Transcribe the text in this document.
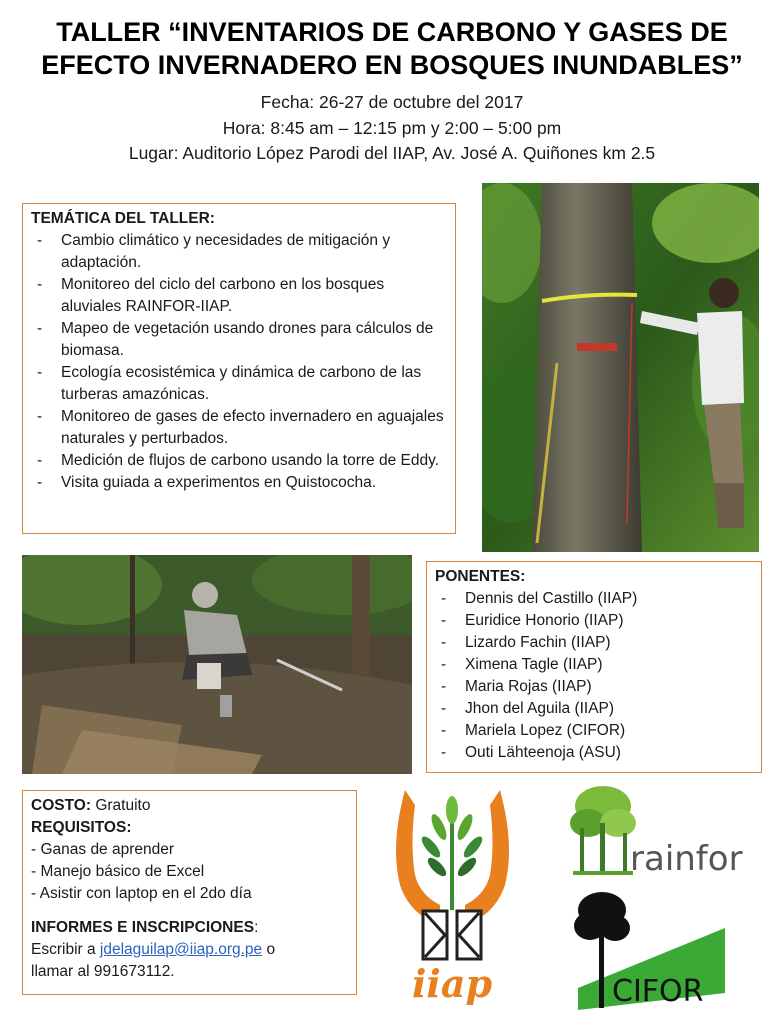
TALLER “INVENTARIOS DE CARBONO Y GASES DE
EFECTO INVERNADERO EN BOSQUES INUNDABLES”
Fecha: 26-27 de octubre del 2017
Hora: 8:45 am – 12:15 pm y 2:00 – 5:00 pm
Lugar: Auditorio López Parodi del IIAP, Av. José A. Quiñones km 2.5
TEMÁTICA DEL TALLER:
- Cambio climático y necesidades de mitigación y adaptación.
- Monitoreo del ciclo del carbono en los bosques aluviales RAINFOR-IIAP.
- Mapeo de vegetación usando drones para cálculos de biomasa.
- Ecología ecosistémica y dinámica de carbono de las turberas amazónicas.
- Monitoreo de gases de efecto invernadero en aguajales naturales y perturbados.
- Medición de flujos de carbono usando la torre de Eddy.
- Visita guiada a experimentos en Quistococha.
PONENTES:
- Dennis del Castillo (IIAP)
- Euridice Honorio (IIAP)
- Lizardo Fachin (IIAP)
- Ximena Tagle (IIAP)
- Maria Rojas (IIAP)
- Jhon del Aguila (IIAP)
- Mariela Lopez (CIFOR)
- Outi Lähteenoja (ASU)
COSTO: Gratuito
REQUISITOS:
- Ganas de aprender
- Manejo básico de Excel
- Asistir con laptop en el 2do día
INFORMES E INSCRIPCIONES:
Escribir a jdelaguilap@iiap.org.pe o
llamar al 991673112.	iiap
rainfor
CIFOR
